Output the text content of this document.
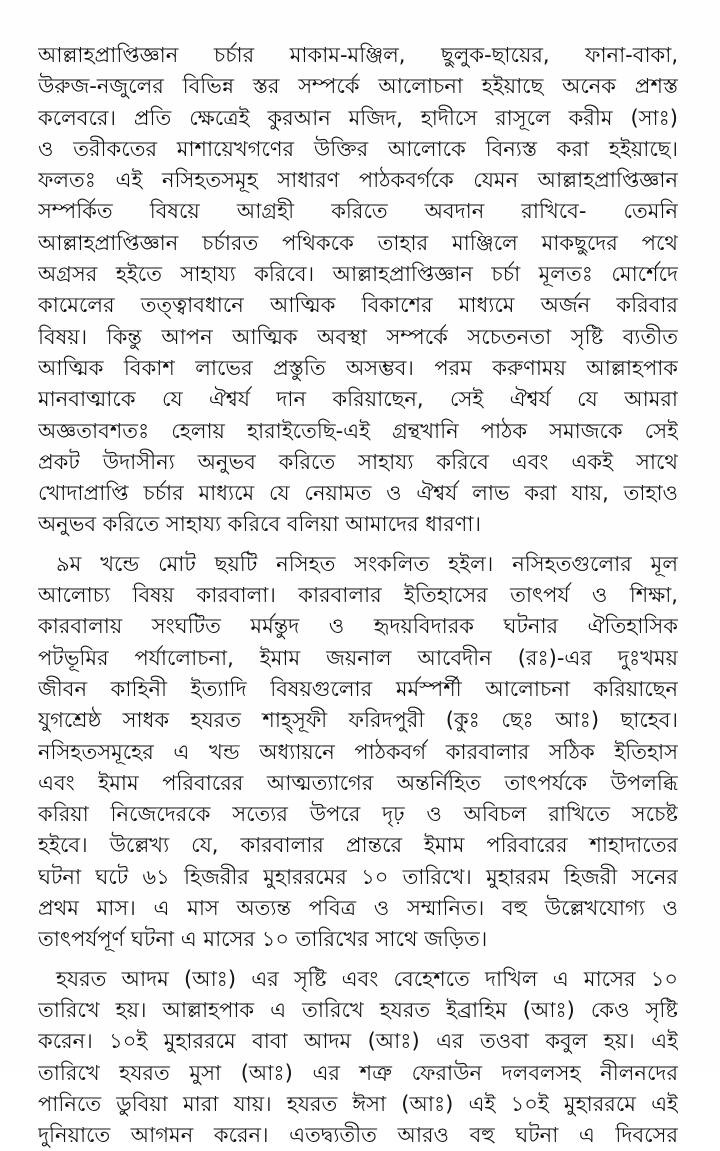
আল্লাহপ্রাপ্তিজ্ঞান চর্চার মাকাম-মঞ্জিল, ছুলুক-ছায়ের, ফানা-বাকা,
উরুজ-নজুলের বিভিন্ন স্তর সম্পর্কে আলোচনা হইয়াছে অনেক প্রশস্ত
কলেবরে। প্রতি ক্ষেত্রেই কুরআন মজিদ, হাদীসে রাসূলে করীম (সাঃ)
ও তরীকতের মাশায়েখগণের উক্তির আলোকে বিন্যস্ত করা হইয়াছে।
ফলতঃ এই নসিহতসমূহ সাধারণ পাঠকবর্গকে যেমন আল্লাহপ্রাপ্তিজ্ঞান
সম্পর্কিত বিষয়ে আগ্রহী করিতে অবদান রাখিবে- তেমনি
আল্লাহপ্রাপ্তিজ্ঞান চর্চারত পথিককে তাহার মাঞ্জিলে মাকছুদের পথে
অগ্রসর হইতে সাহায্য করিবে। আল্লাহপ্রাপ্তিজ্ঞান চর্চা মূলতঃ মোর্শেদে
কামেলের তত্ত্বাবধানে আত্মিক বিকাশের মাধ্যমে অর্জন করিবার
বিষয়। কিন্তু আপন আত্মিক অবস্থা সম্পর্কে সচেতনতা সৃষ্টি ব্যতীত
আত্মিক বিকাশ লাভের প্রস্তুতি অসম্ভব। পরম করুণাময় আল্লাহপাক
মানবাত্মাকে যে ঐশ্বর্য দান করিয়াছেন, সেই ঐশ্বর্য যে আমরা
অজ্ঞতাবশতঃ হেলায় হারাইতেছি-এই গ্রন্থখানি পাঠক সমাজকে সেই
প্রকট উদাসীন্য অনুভব করিতে সাহায্য করিবে এবং একই সাথে
খোদাপ্রাপ্তি চর্চার মাধ্যমে যে নেয়ামত ও ঐশ্বর্য লাভ করা যায়, তাহাও
অনুভব করিতে সাহায্য করিবে বলিয়া আমাদের ধারণা।
৯ম খন্ডে মোট ছয়টি নসিহত সংকলিত হইল। নসিহতগুলোর মূল
আলোচ্য বিষয় কারবালা। কারবালার ইতিহাসের তাৎপর্য ও শিক্ষা,
কারবালায় সংঘটিত মর্মন্তুদ ও হৃদয়বিদারক ঘটনার ঐতিহাসিক
পটভূমির পর্যালোচনা, ইমাম জয়নাল আবেদীন (রঃ)-এর দুঃখময়
জীবন কাহিনী ইত্যাদি বিষয়গুলোর মর্মস্পর্শী আলোচনা করিয়াছেন
যুগশ্রেষ্ঠ সাধক হযরত শাহ্‌সূফী ফরিদপুরী (কুঃ ছেঃ আঃ) ছাহেব।
নসিহতসমূহের এ খন্ড অধ্যায়নে পাঠকবর্গ কারবালার সঠিক ইতিহাস
এবং ইমাম পরিবারের আত্মত্যাগের অন্তর্নিহিত তাৎপর্যকে উপলব্ধি
করিয়া নিজেদেরকে সত্যের উপরে দৃঢ় ও অবিচল রাখিতে সচেষ্ট
হইবে। উল্লেখ্য যে, কারবালার প্রান্তরে ইমাম পরিবারের শাহাদাতের
ঘটনা ঘটে ৬১ হিজরীর মুহাররমের ১০ তারিখে। মুহাররম হিজরী সনের
প্রথম মাস। এ মাস অত্যন্ত পবিত্র ও সম্মানিত। বহু উল্লেখযোগ্য ও
তাৎপর্যপূর্ণ ঘটনা এ মাসের ১০ তারিখের সাথে জড়িত।
হযরত আদম (আঃ) এর সৃষ্টি এবং বেহেশতে দাখিল এ মাসের ১০
তারিখে হয়। আল্লাহপাক এ তারিখে হযরত ইব্রাহিম (আঃ) কেও সৃষ্টি
করেন। ১০ই মুহাররমে বাবা আদম (আঃ) এর তওবা কবুল হয়। এই
তারিখে হযরত মুসা (আঃ) এর শত্রু ফেরাউন দলবলসহ নীলনদের
পানিতে ডুবিয়া মারা যায়। হযরত ঈসা (আঃ) এই ১০ই মুহাররমে এই
দুনিয়াতে আগমন করেন। এতদ্ব্যতীত আরও বহু ঘটনা এ দিবসের
